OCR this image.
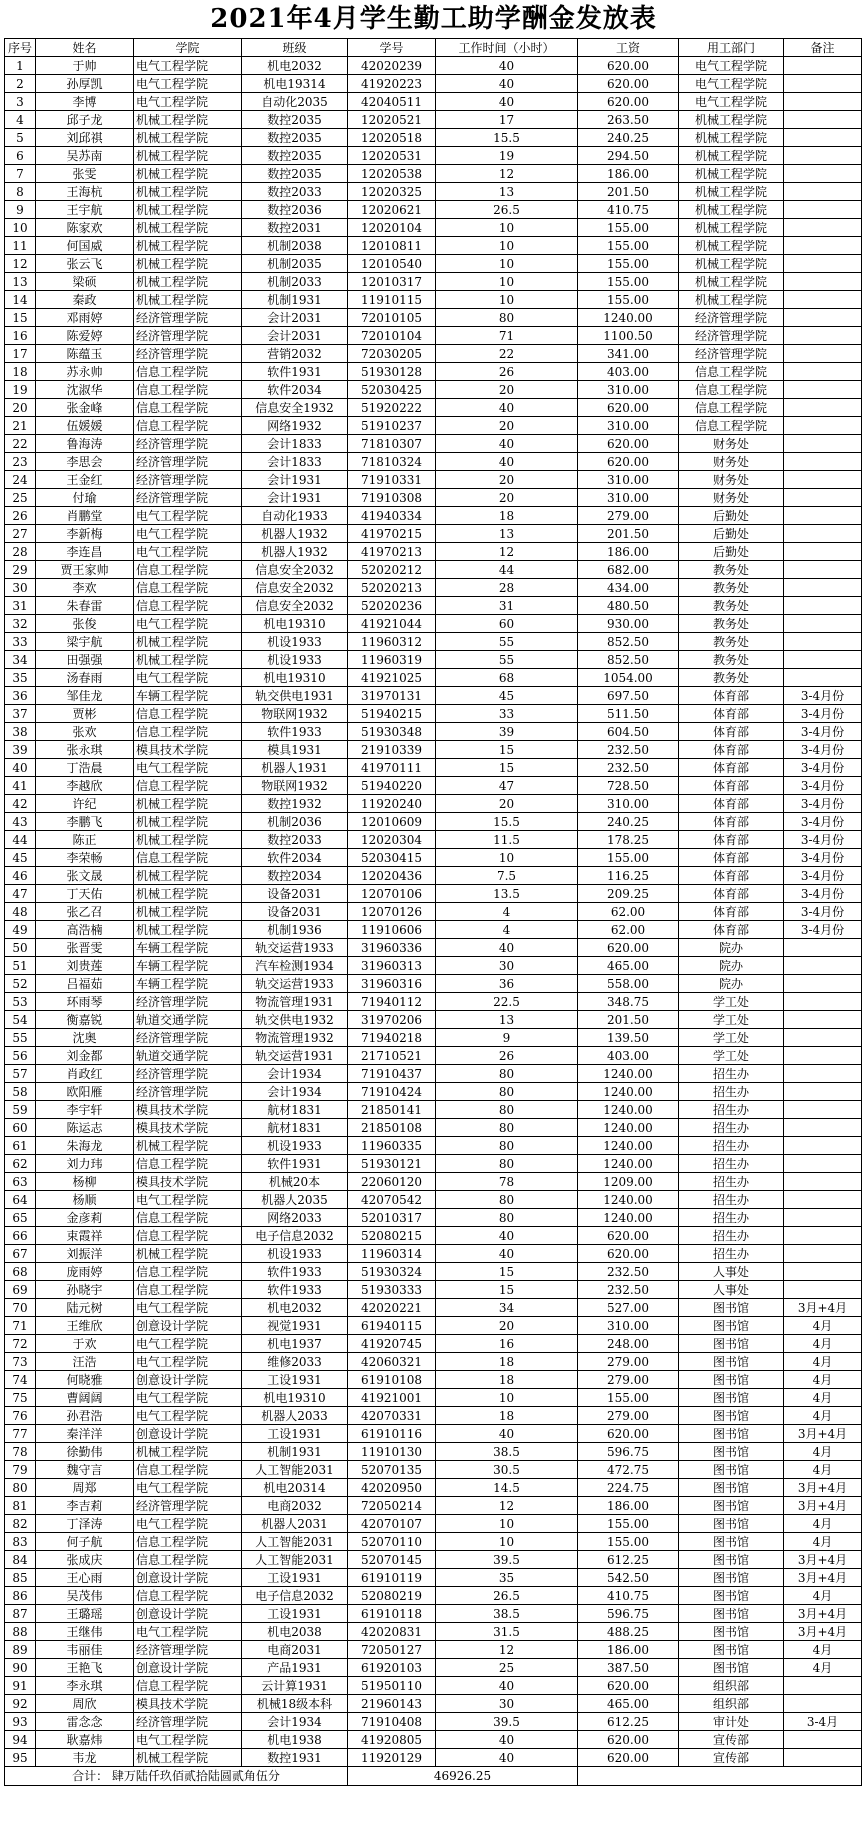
2021年4月学生勤工助学酬金发放表
序号	姓名	学院	班级	学号	工作时间（小时）	工资	用工部门	备注
1	于帅	电气工程学院	机电2032	42020239	40	620.00	电气工程学院	
2	孙厚凯	电气工程学院	机电19314	41920223	40	620.00	电气工程学院	
3	李博	电气工程学院	自动化2035	42040511	40	620.00	电气工程学院	
4	邱子龙	机械工程学院	数控2035	12020521	17	263.50	机械工程学院	
5	刘邱祺	机械工程学院	数控2035	12020518	15.5	240.25	机械工程学院	
6	吴苏南	机械工程学院	数控2035	12020531	19	294.50	机械工程学院	
7	张雯	机械工程学院	数控2035	12020538	12	186.00	机械工程学院	
8	王海杭	机械工程学院	数控2033	12020325	13	201.50	机械工程学院	
9	王宇航	机械工程学院	数控2036	12020621	26.5	410.75	机械工程学院	
10	陈家欢	机械工程学院	数控2031	12020104	10	155.00	机械工程学院	
11	何国威	机械工程学院	机制2038	12010811	10	155.00	机械工程学院	
12	张云飞	机械工程学院	机制2035	12010540	10	155.00	机械工程学院	
13	梁硕	机械工程学院	机制2033	12010317	10	155.00	机械工程学院	
14	秦政	机械工程学院	机制1931	11910115	10	155.00	机械工程学院	
15	邓雨婷	经济管理学院	会计2031	72010105	80	1240.00	经济管理学院	
16	陈爱婷	经济管理学院	会计2031	72010104	71	1100.50	经济管理学院	
17	陈蕴玉	经济管理学院	营销2032	72030205	22	341.00	经济管理学院	
18	苏永帅	信息工程学院	软件1931	51930128	26	403.00	信息工程学院	
19	沈淑华	信息工程学院	软件2034	52030425	20	310.00	信息工程学院	
20	张金峰	信息工程学院	信息安全1932	51920222	40	620.00	信息工程学院	
21	伍媛媛	信息工程学院	网络1932	51910237	20	310.00	信息工程学院	
22	鲁海涛	经济管理学院	会计1833	71810307	40	620.00	财务处	
23	李思会	经济管理学院	会计1833	71810324	40	620.00	财务处	
24	王金红	经济管理学院	会计1931	71910331	20	310.00	财务处	
25	付瑜	经济管理学院	会计1931	71910308	20	310.00	财务处	
26	肖鹏堂	电气工程学院	自动化1933	41940334	18	279.00	后勤处	
27	李新梅	电气工程学院	机器人1932	41970215	13	201.50	后勤处	
28	李连昌	电气工程学院	机器人1932	41970213	12	186.00	后勤处	
29	贾王家帅	信息工程学院	信息安全2032	52020212	44	682.00	教务处	
30	李欢	信息工程学院	信息安全2032	52020213	28	434.00	教务处	
31	朱春雷	信息工程学院	信息安全2032	52020236	31	480.50	教务处	
32	张俊	电气工程学院	机电19310	41921044	60	930.00	教务处	
33	梁宇航	机械工程学院	机设1933	11960312	55	852.50	教务处	
34	田强强	机械工程学院	机设1933	11960319	55	852.50	教务处	
35	汤春雨	电气工程学院	机电19310	41921025	68	1054.00	教务处	
36	邹佳龙	车辆工程学院	轨交供电1931	31970131	45	697.50	体育部	3-4月份
37	贾彬	信息工程学院	物联网1932	51940215	33	511.50	体育部	3-4月份
38	张欢	信息工程学院	软件1933	51930348	39	604.50	体育部	3-4月份
39	张永琪	模具技术学院	模具1931	21910339	15	232.50	体育部	3-4月份
40	丁浩晨	电气工程学院	机器人1931	41970111	15	232.50	体育部	3-4月份
41	李越欣	信息工程学院	物联网1932	51940220	47	728.50	体育部	3-4月份
42	许纪	机械工程学院	数控1932	11920240	20	310.00	体育部	3-4月份
43	李鹏飞	机械工程学院	机制2036	12010609	15.5	240.25	体育部	3-4月份
44	陈正	机械工程学院	数控2033	12020304	11.5	178.25	体育部	3-4月份
45	李荣畅	信息工程学院	软件2034	52030415	10	155.00	体育部	3-4月份
46	张文晟	机械工程学院	数控2034	12020436	7.5	116.25	体育部	3-4月份
47	丁天佑	机械工程学院	设备2031	12070106	13.5	209.25	体育部	3-4月份
48	张乙召	机械工程学院	设备2031	12070126	4	62.00	体育部	3-4月份
49	高浩楠	机械工程学院	机制1936	11910606	4	62.00	体育部	3-4月份
50	张晋雯	车辆工程学院	轨交运营1933	31960336	40	620.00	院办	
51	刘贵莲	车辆工程学院	汽车检测1934	31960313	30	465.00	院办	
52	吕福茹	车辆工程学院	轨交运营1933	31960316	36	558.00	院办	
53	环雨琴	经济管理学院	物流管理1931	71940112	22.5	348.75	学工处	
54	衡嘉锐	轨道交通学院	轨交供电1932	31970206	13	201.50	学工处	
55	沈奥	经济管理学院	物流管理1932	71940218	9	139.50	学工处	
56	刘金都	轨道交通学院	轨交运营1931	21710521	26	403.00	学工处	
57	肖政红	经济管理学院	会计1934	71910437	80	1240.00	招生办	
58	欧阳雁	经济管理学院	会计1934	71910424	80	1240.00	招生办	
59	李宇轩	模具技术学院	航材1831	21850141	80	1240.00	招生办	
60	陈运志	模具技术学院	航材1831	21850108	80	1240.00	招生办	
61	朱海龙	机械工程学院	机设1933	11960335	80	1240.00	招生办	
62	刘力玮	信息工程学院	软件1931	51930121	80	1240.00	招生办	
63	杨柳	模具技术学院	机械20本	22060120	78	1209.00	招生办	
64	杨顺	电气工程学院	机器人2035	42070542	80	1240.00	招生办	
65	金彦莉	信息工程学院	网络2033	52010317	80	1240.00	招生办	
66	束霞祥	信息工程学院	电子信息2032	52080215	40	620.00	招生办	
67	刘振洋	机械工程学院	机设1933	11960314	40	620.00	招生办	
68	庞雨婷	信息工程学院	软件1933	51930324	15	232.50	人事处	
69	孙晓宇	信息工程学院	软件1933	51930333	15	232.50	人事处	
70	陆元树	电气工程学院	机电2032	42020221	34	527.00	图书馆	3月+4月
71	王维欣	创意设计学院	视觉1931	61940115	20	310.00	图书馆	4月
72	于欢	电气工程学院	机电1937	41920745	16	248.00	图书馆	4月
73	汪浩	电气工程学院	维修2033	42060321	18	279.00	图书馆	4月
74	何晓雅	创意设计学院	工设1931	61910108	18	279.00	图书馆	4月
75	曹阔阔	电气工程学院	机电19310	41921001	10	155.00	图书馆	4月
76	孙君浩	电气工程学院	机器人2033	42070331	18	279.00	图书馆	4月
77	秦洋洋	创意设计学院	工设1931	61910116	40	620.00	图书馆	3月+4月
78	徐勤伟	机械工程学院	机制1931	11910130	38.5	596.75	图书馆	4月
79	魏守言	信息工程学院	人工智能2031	52070135	30.5	472.75	图书馆	4月
80	周郑	电气工程学院	机电20314	42020950	14.5	224.75	图书馆	3月+4月
81	李吉莉	经济管理学院	电商2032	72050214	12	186.00	图书馆	3月+4月
82	丁泽涛	电气工程学院	机器人2031	42070107	10	155.00	图书馆	4月
83	何子航	信息工程学院	人工智能2031	52070110	10	155.00	图书馆	4月
84	张成庆	信息工程学院	人工智能2031	52070145	39.5	612.25	图书馆	3月+4月
85	王心雨	创意设计学院	工设1931	61910119	35	542.50	图书馆	3月+4月
86	吴茂伟	信息工程学院	电子信息2032	52080219	26.5	410.75	图书馆	4月
87	王璐瑶	创意设计学院	工设1931	61910118	38.5	596.75	图书馆	3月+4月
88	王继伟	电气工程学院	机电2038	42020831	31.5	488.25	图书馆	3月+4月
89	韦丽佳	经济管理学院	电商2031	72050127	12	186.00	图书馆	4月
90	王艳飞	创意设计学院	产品1931	61920103	25	387.50	图书馆	4月
91	李永琪	信息工程学院	云计算1931	51950110	40	620.00	组织部	
92	周欣	模具技术学院	机械18级本科	21960143	30	465.00	组织部	
93	雷念念	经济管理学院	会计1934	71910408	39.5	612.25	审计处	3-4月
94	耿嘉炜	电气工程学院	机电1938	41920805	40	620.00	宣传部	
95	韦龙	机械工程学院	数控1931	11920129	40	620.00	宣传部	
合计： 肆万陆仟玖佰贰拾陆圆贰角伍分				46926.25				
